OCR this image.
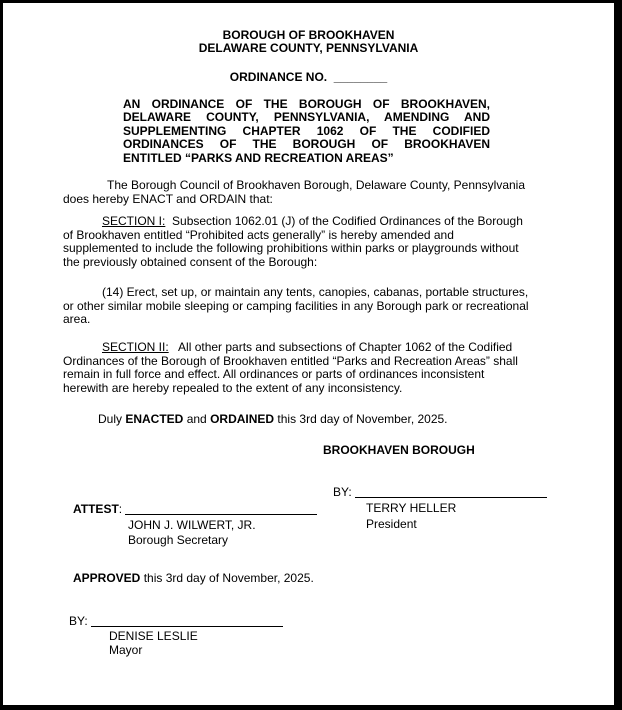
BOROUGH OF BROOKHAVEN
DELAWARE COUNTY, PENNSYLVANIA
ORDINANCE NO.  ________
AN ORDINANCE OF THE BOROUGH OF BROOKHAVEN,
DELAWARE COUNTY, PENNSYLVANIA, AMENDING AND
SUPPLEMENTING CHAPTER 1062 OF THE CODIFIED
ORDINANCES OF THE BOROUGH OF BROOKHAVEN
ENTITLED “PARKS AND RECREATION AREAS”
The Borough Council of Brookhaven Borough, Delaware County, Pennsylvania
does hereby ENACT and ORDAIN that:
SECTION I:  Subsection 1062.01 (J) of the Codified Ordinances of the Borough
of Brookhaven entitled “Prohibited acts generally” is hereby amended and
supplemented to include the following prohibitions within parks or playgrounds without
the previously obtained consent of the Borough:
(14) Erect, set up, or maintain any tents, canopies, cabanas, portable structures,
or other similar mobile sleeping or camping facilities in any Borough park or recreational
area.
SECTION II:   All other parts and subsections of Chapter 1062 of the Codified
Ordinances of the Borough of Brookhaven entitled “Parks and Recreation Areas” shall
remain in full force and effect. All ordinances or parts of ordinances inconsistent
herewith are hereby repealed to the extent of any inconsistency.
Duly ENACTED and ORDAINED this 3rd day of November, 2025.
BROOKHAVEN BOROUGH
BY:
TERRY HELLER
President
ATTEST:
JOHN J. WILWERT, JR.
Borough Secretary
APPROVED this 3rd day of November, 2025.
BY:
DENISE LESLIE
Mayor
